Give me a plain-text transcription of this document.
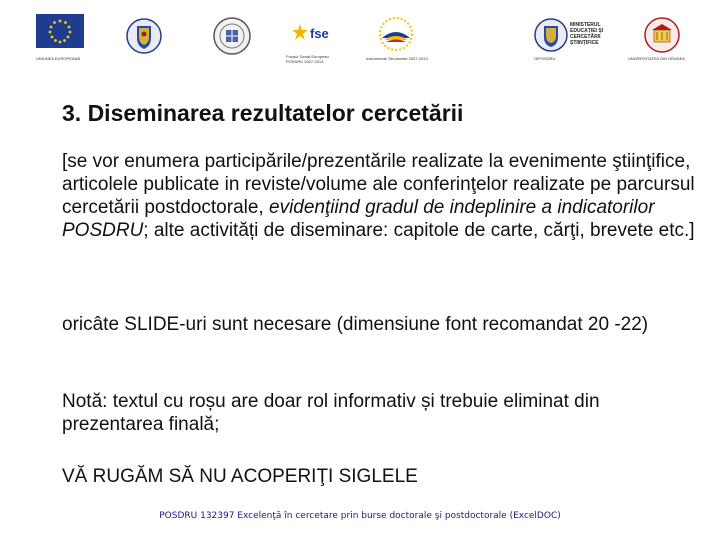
UNIUNEA EUROPEANĂ
fse
Fondul Social European POSDRU 2007-2013
Instrumente Structurale 2007-2013	OIPOSDRU
MINISTERUL EDUCAȚIEI ȘI CERCETĂRII ȘTIINȚIFICE
UNIVERSITATEA DIN ORADEA
3. Diseminarea rezultatelor cercetării

[se vor enumera participările/prezentările realizate la evenimente ştiinţifice, articolele publicate in reviste/volume ale conferinţelor realizate pe parcursul cercetării postdoctorale, evidenţiind gradul de indeplinire a indicatorilor POSDRU; alte activități de diseminare: capitole de carte, cărţi, brevete etc.]

oricâte SLIDE-uri sunt necesare (dimensiune font recomandat 20 -22)

Notă: textul cu roșu are doar rol informativ și trebuie eliminat din prezentarea finală;

VĂ RUGĂM SĂ NU ACOPERIŢI SIGLELE

POSDRU 132397 Excelenţă în cercetare prin burse doctorale şi postdoctorale (ExcelDOC)
